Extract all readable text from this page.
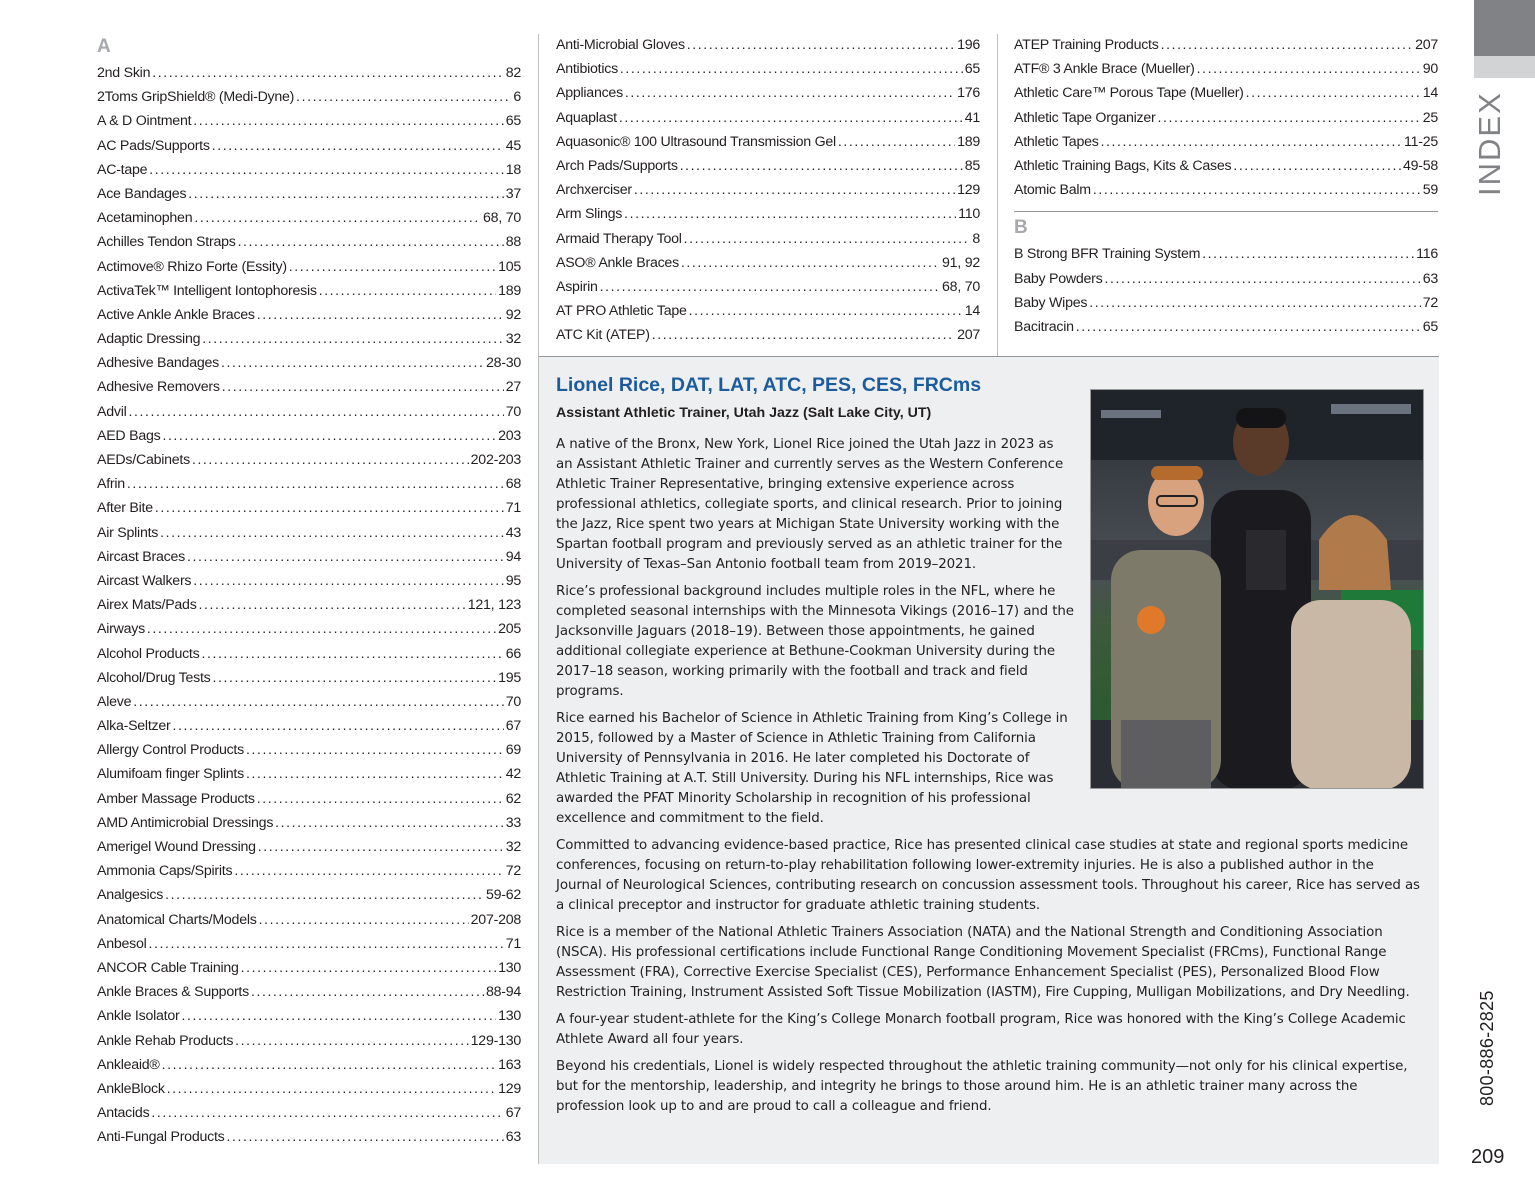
A
2nd Skin .....	82
2Toms GripShield® (Medi-Dyne) .....	6
A & D Ointment .....	65
AC Pads/Supports .....	45
AC-tape .....	18
Ace Bandages .....	37
Acetaminophen .....	68, 70
Achilles Tendon Straps .....	88
Actimove® Rhizo Forte (Essity) .....	105
ActivaTek™ Intelligent Iontophoresis .....	189
Active Ankle Ankle Braces .....	92
Adaptic Dressing .....	32
Adhesive Bandages .....	28-30
Adhesive Removers .....	27
Advil .....	70
AED Bags .....	203
AEDs/Cabinets .....	202-203
Afrin .....	68
After Bite .....	71
Air Splints .....	43
Aircast Braces .....	94
Aircast Walkers .....	95
Airex Mats/Pads .....	121, 123
Airways .....	205
Alcohol Products .....	66
Alcohol/Drug Tests .....	195
Aleve .....	70
Alka-Seltzer .....	67
Allergy Control Products .....	69
Alumifoam finger Splints .....	42
Amber Massage Products .....	62
AMD Antimicrobial Dressings .....	33
Amerigel Wound Dressing .....	32
Ammonia Caps/Spirits .....	72
Analgesics .....	59-62
Anatomical Charts/Models .....	207-208
Anbesol .....	71
ANCOR Cable Training .....	130
Ankle Braces & Supports .....	88-94
Ankle Isolator .....	130
Ankle Rehab Products .....	129-130
Ankleaid® .....	163
AnkleBlock .....	129
Antacids .....	67
Anti-Fungal Products .....	63
Anti-Microbial Gloves .....	196
Antibiotics .....	65
Appliances .....	176
Aquaplast .....	41
Aquasonic® 100 Ultrasound Transmission Gel .....	189
Arch Pads/Supports .....	85
Archxerciser .....	129
Arm Slings .....	110
Armaid Therapy Tool .....	8
ASO® Ankle Braces .....	91, 92
Aspirin .....	68, 70
AT PRO Athletic Tape .....	14
ATC Kit (ATEP) .....	207
ATEP Training Products .....	207
ATF® 3 Ankle Brace (Mueller) .....	90
Athletic Care™ Porous Tape (Mueller) .....	14
Athletic Tape Organizer .....	25
Athletic Tapes .....	11-25
Athletic Training Bags, Kits & Cases .....	49-58
Atomic Balm .....	59
B
B Strong BFR Training System .....	116
Baby Powders .....	63
Baby Wipes .....	72
Bacitracin .....	65
Lionel Rice, DAT, LAT, ATC, PES, CES, FRCms
Assistant Athletic Trainer, Utah Jazz (Salt Lake City, UT)

A native of the Bronx, New York, Lionel Rice joined the Utah Jazz in 2023 as an Assistant Athletic Trainer and currently serves as the Western Conference Athletic Trainer Representative, bringing extensive experience across professional athletics, collegiate sports, and clinical research. Prior to joining the Jazz, Rice spent two years at Michigan State University working with the Spartan football program and previously served as an athletic trainer for the University of Texas–San Antonio football team from 2019–2021.

Rice’s professional background includes multiple roles in the NFL, where he completed seasonal internships with the Minnesota Vikings (2016–17) and the Jacksonville Jaguars (2018–19). Between those appointments, he gained additional collegiate experience at Bethune-Cookman University during the 2017–18 season, working primarily with the football and track and field programs.

Rice earned his Bachelor of Science in Athletic Training from King’s College in 2015, followed by a Master of Science in Athletic Training from California University of Pennsylvania in 2016. He later completed his Doctorate of Athletic Training at A.T. Still University. During his NFL internships, Rice was awarded the PFAT Minority Scholarship in recognition of his professional excellence and commitment to the field.

Committed to advancing evidence-based practice, Rice has presented clinical case studies at state and regional sports medicine conferences, focusing on return-to-play rehabilitation following lower-extremity injuries. He is also a published author in the Journal of Neurological Sciences, contributing research on concussion assessment tools. Throughout his career, Rice has served as a clinical preceptor and instructor for graduate athletic training students.

Rice is a member of the National Athletic Trainers Association (NATA) and the National Strength and Conditioning Association (NSCA). His professional certifications include Functional Range Conditioning Movement Specialist (FRCms), Functional Range Assessment (FRA), Corrective Exercise Specialist (CES), Performance Enhancement Specialist (PES), Personalized Blood Flow Restriction Training, Instrument Assisted Soft Tissue Mobilization (IASTM), Fire Cupping, Mulligan Mobilizations, and Dry Needling.

A four-year student-athlete for the King’s College Monarch football program, Rice was honored with the King’s College Academic Athlete Award all four years.

Beyond his credentials, Lionel is widely respected throughout the athletic training community—not only for his clinical expertise, but for the mentorship, leadership, and integrity he brings to those around him. He is an athletic trainer many across the profession look up to and are proud to call a colleague and friend.

INDEX
800-886-2825
209
